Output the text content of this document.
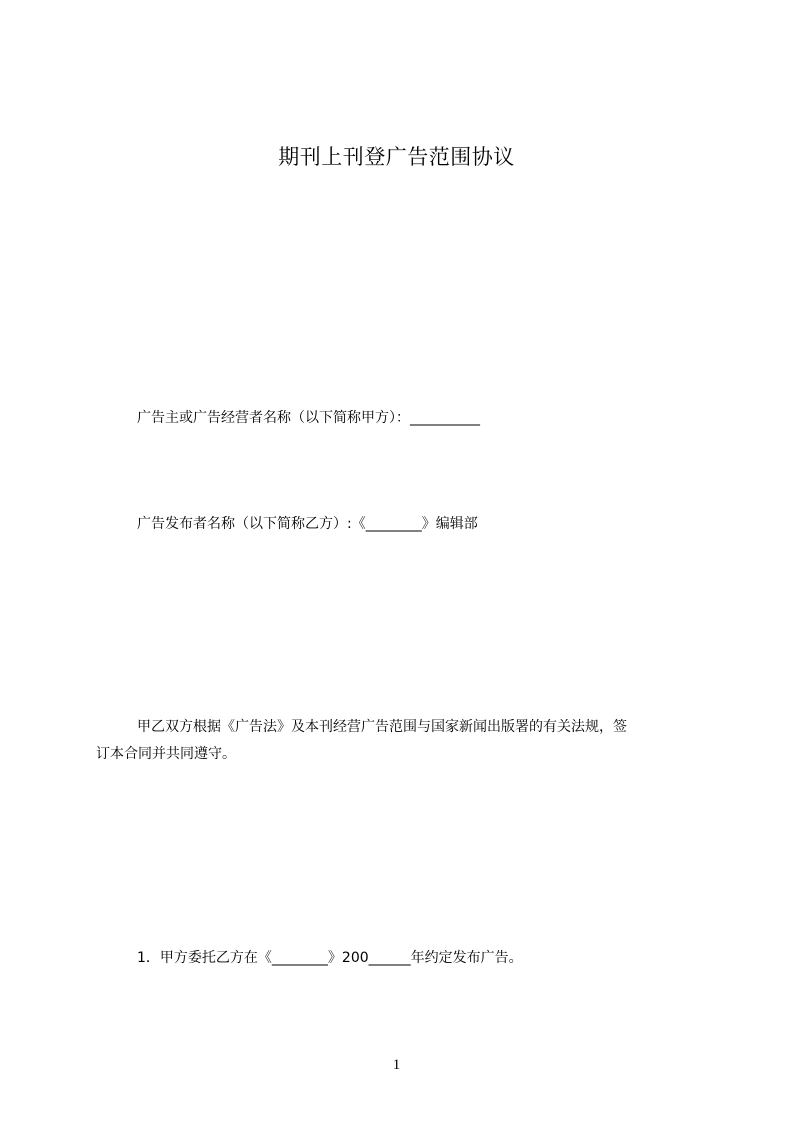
期刊上刊登广告范围协议
广告主或广告经营者名称（以下简称甲方）：__________
广告发布者名称（以下简称乙方）:《________》编辑部
甲乙双方根据《广告法》及本刊经营广告范围与国家新闻出版署的有关法规，签
订本合同并共同遵守。
1．甲方委托乙方在《________》200______年约定发布广告。
1
